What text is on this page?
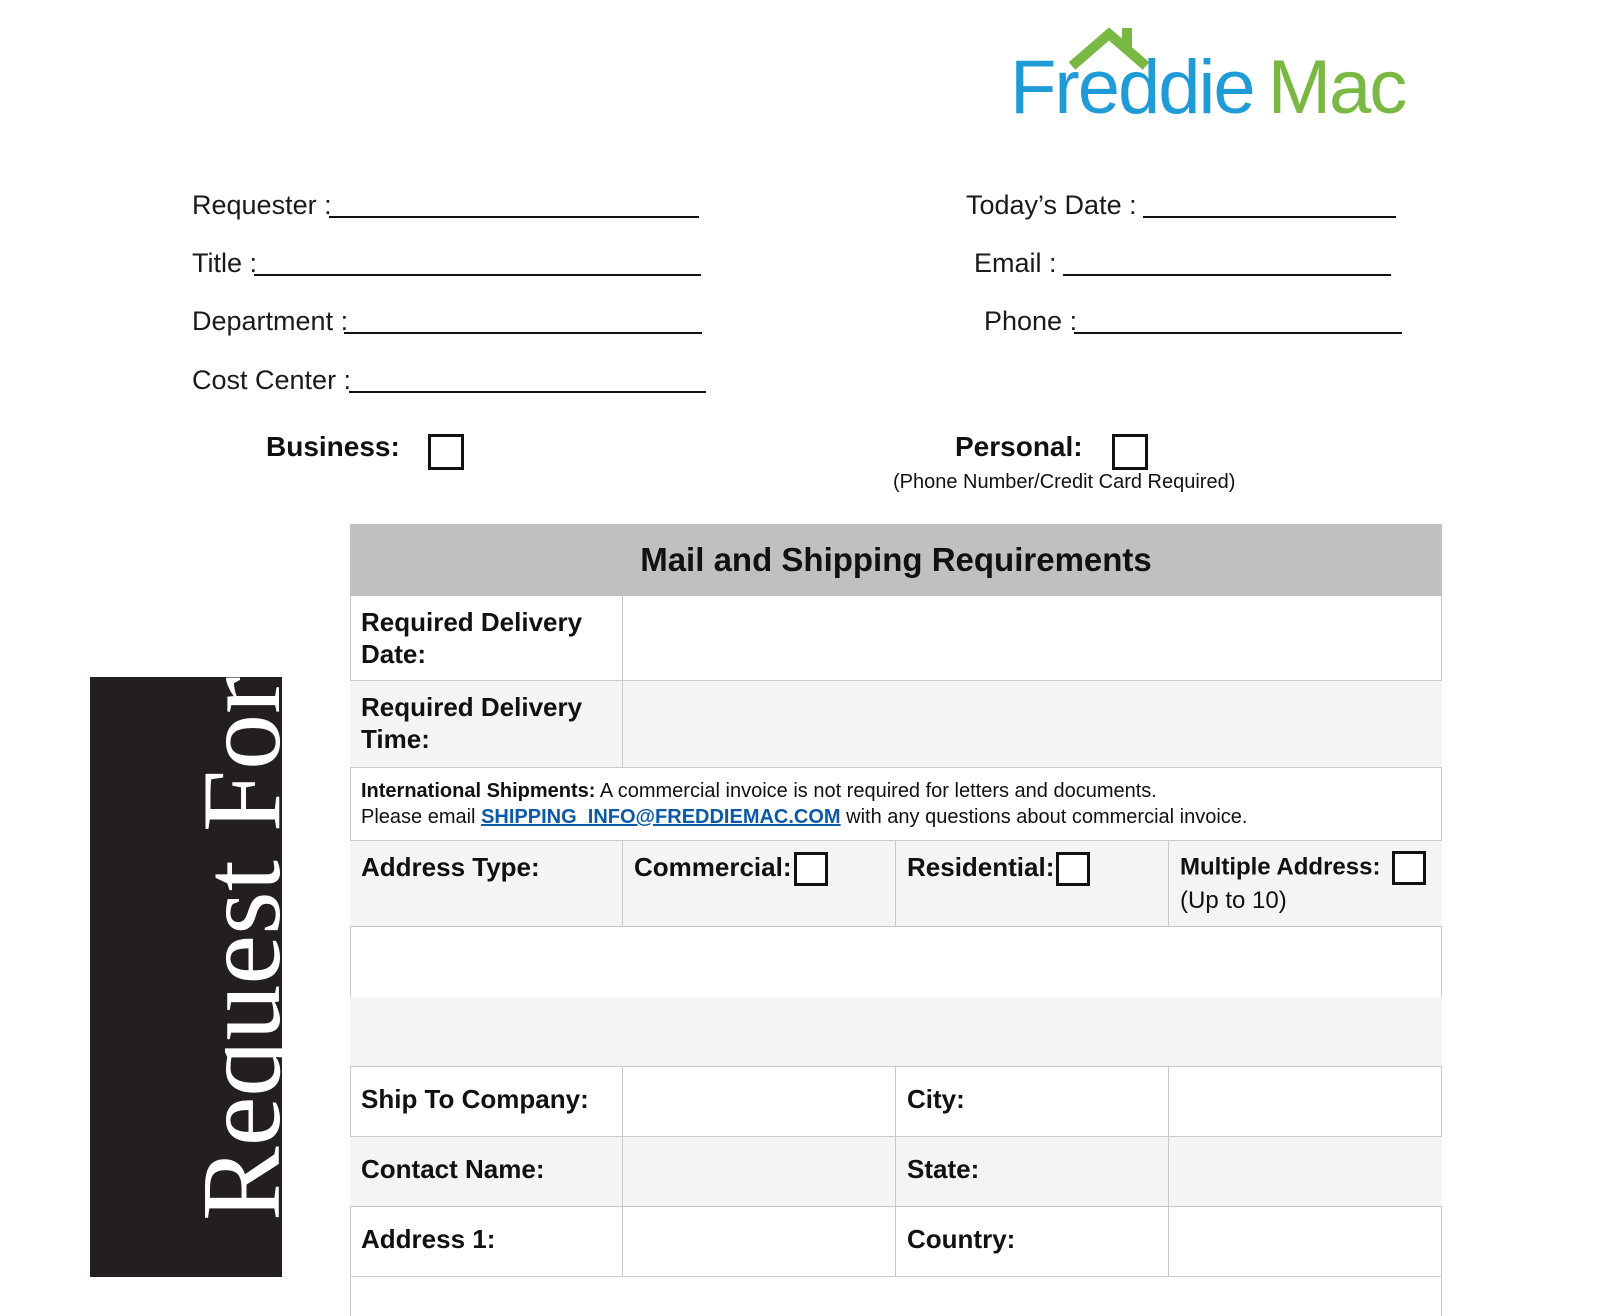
Freddie Mac
Requester :
Title :
Department :
Cost Center :
Today’s Date :
Email :
Phone :
Business:	Personal:
(Phone Number/Credit Card Required)
Request Form
Mail and Shipping Requirements
Required Delivery Date:
Required Delivery Time:
International Shipments: A commercial invoice is not required for letters and documents.
Please email SHIPPING_INFO@FREDDIEMAC.COM with any questions about commercial invoice.
Address Type:	Commercial:	Residential:	Multiple Address:
(Up to 10)
Ship To Company:	City:
Contact Name:	State:
Address 1:	Country:
